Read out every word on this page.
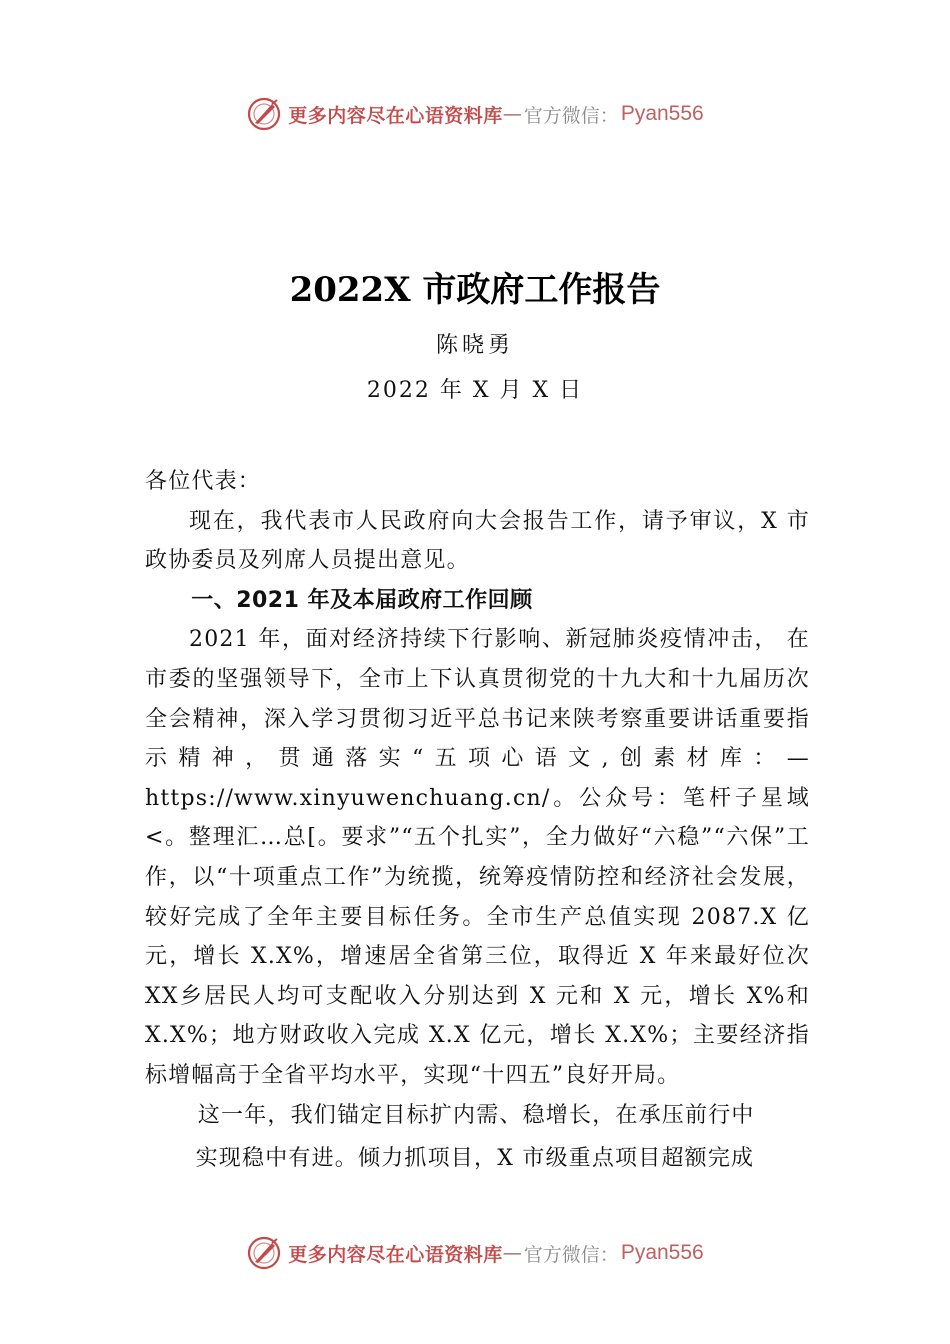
更多内容尽在心语资料库 — 官方微信： Pyan556
2022X 市政府工作报告
陈晓勇
2022 年 X 月 X 日

各位代表：

现在，我代表市人民政府向大会报告工作，请予审议，X 市政协委员及列席人员提出意见。

一、2021 年及本届政府工作回顾

2021 年，面对经济持续下行影响、新冠肺炎疫情冲击， 在市委的坚强领导下，全市上下认真贯彻党的十九大和十九届历次全会精神，深入学习贯彻习近平总书记来陕考察重要讲话重要指示精神，贯通落实“五项心语文,创素材库：—https://www.xinyuwenchuang.cn/。公众号：笔杆子星域<。整理汇…总[。要求”“五个扎实”，全力做好“六稳”“六保”工作，以“十项重点工作”为统揽，统筹疫情防控和经济社会发展，较好完成了全年主要目标任务。全市生产总值实现 2087.X 亿元，增长 X.X%，增速居全省第三位，取得近 X 年来最好位次XX乡居民人均可支配收入分别达到 X 元和 X 元，增长 X%和 X.X%；地方财政收入完成 X.X 亿元，增长 X.X%；主要经济指标增幅高于全省平均水平，实现“十四五”良好开局。

这一年，我们锚定目标扩内需、稳增长，在承压前行中

实现稳中有进。倾力抓项目，X 市级重点项目超额完成

更多内容尽在心语资料库 — 官方微信： Pyan556
